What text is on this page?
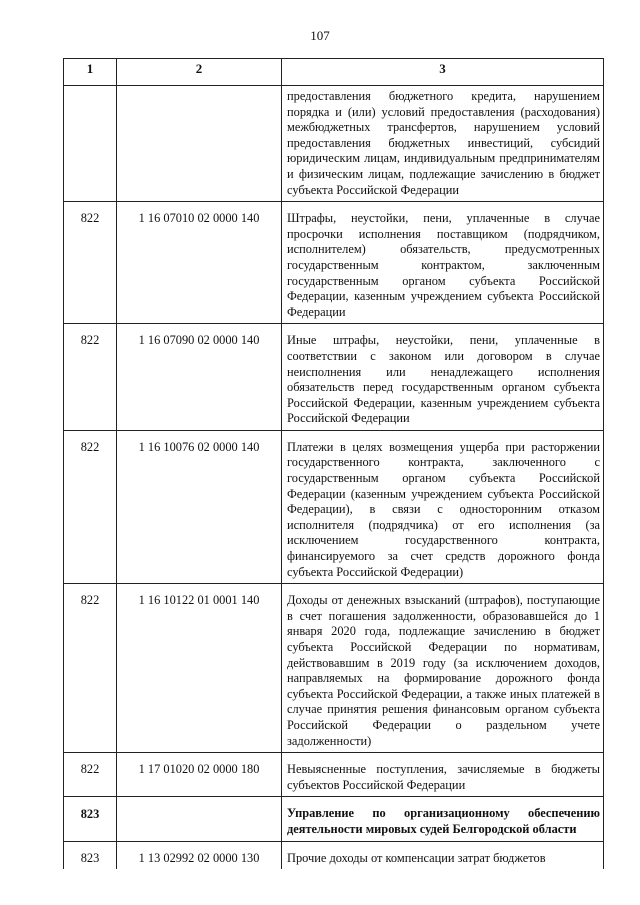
107
1	2	3
		предоставления бюджетного кредита, нарушением порядка и (или) условий предоставления (расходования) межбюджетных трансфертов, нарушением условий предоставления бюджетных инвестиций, субсидий юридическим лицам, индивидуальным предпринимателям и физическим лицам, подлежащие зачислению в бюджет субъекта Российской Федерации
822	1 16 07010 02 0000 140	Штрафы, неустойки, пени, уплаченные в случае просрочки исполнения поставщиком (подрядчиком, исполнителем) обязательств, предусмотренных государственным контрактом, заключенным государственным органом субъекта Российской Федерации, казенным учреждением субъекта Российской Федерации
822	1 16 07090 02 0000 140	Иные штрафы, неустойки, пени, уплаченные в соответствии с законом или договором в случае неисполнения или ненадлежащего исполнения обязательств перед государственным органом субъекта Российской Федерации, казенным учреждением субъекта Российской Федерации
822	1 16 10076 02 0000 140	Платежи в целях возмещения ущерба при расторжении государственного контракта, заключенного с государственным органом субъекта Российской Федерации (казенным учреждением субъекта Российской Федерации), в связи с односторонним отказом исполнителя (подрядчика) от его исполнения (за исключением государственного контракта, финансируемого за счет средств дорожного фонда субъекта Российской Федерации)
822	1 16 10122 01 0001 140	Доходы от денежных взысканий (штрафов), поступающие в счет погашения задолженности, образовавшейся до 1 января 2020 года, подлежащие зачислению в бюджет субъекта Российской Федерации по нормативам, действовавшим в 2019 году (за исключением доходов, направляемых на формирование дорожного фонда субъекта Российской Федерации, а также иных платежей в случае принятия решения финансовым органом субъекта Российской Федерации о раздельном учете задолженности)
822	1 17 01020 02 0000 180	Невыясненные поступления, зачисляемые в бюджеты субъектов Российской Федерации
823		Управление по организационному обеспечению деятельности мировых судей Белгородской области
823	1 13 02992 02 0000 130	Прочие доходы от компенсации затрат бюджетов
